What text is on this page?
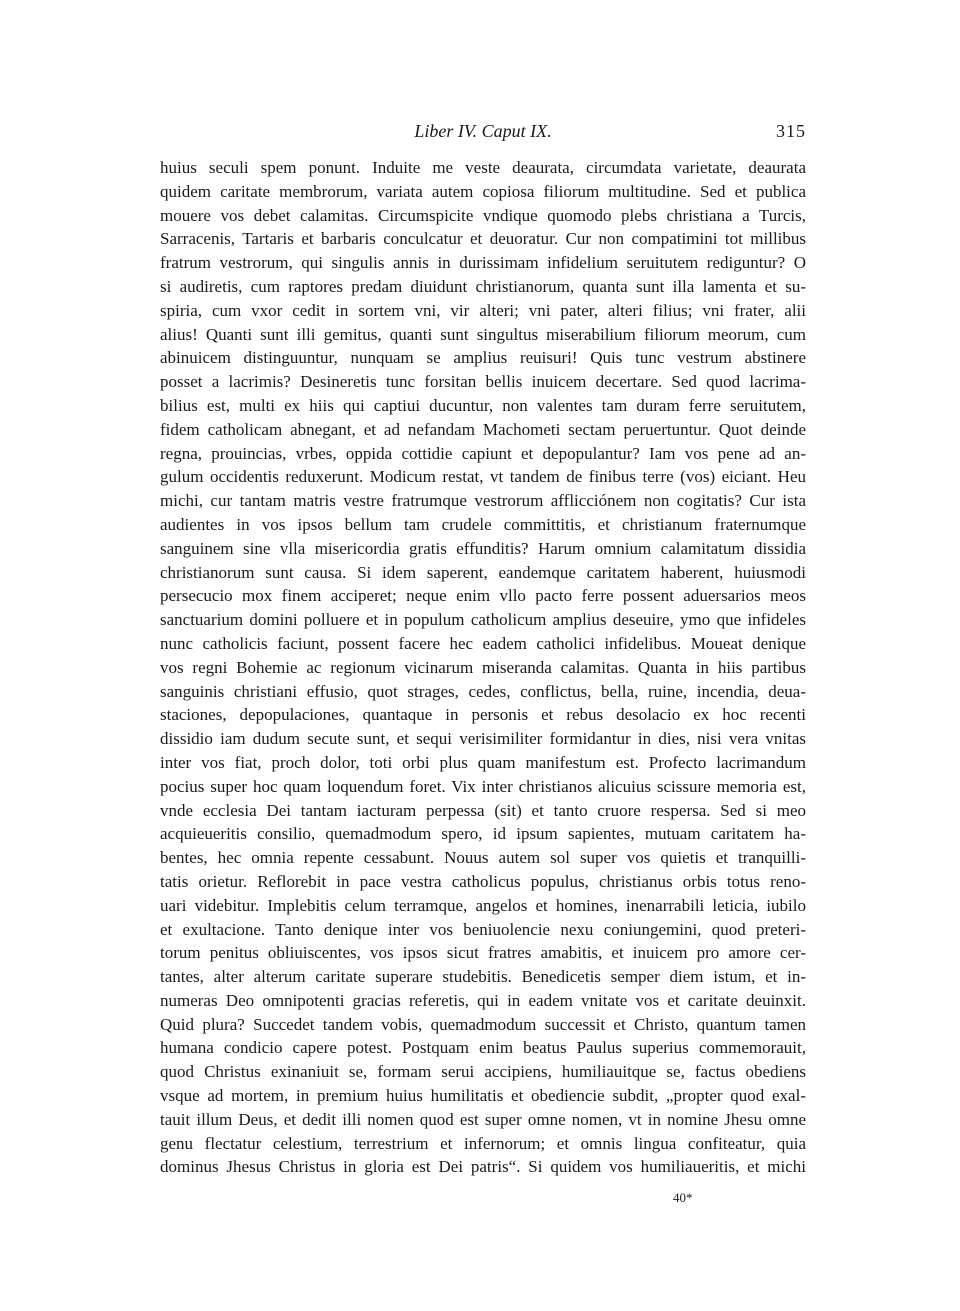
Liber IV. Caput IX.	315
huius seculi spem ponunt. Induite me veste deaurata, circumdata varietate, deaurata
quidem caritate membrorum, variata autem copiosa filiorum multitudine. Sed et publica
mouere vos debet calamitas. Circumspicite vndique quomodo plebs christiana a Turcis,
Sarracenis, Tartaris et barbaris conculcatur et deuoratur. Cur non compatimini tot millibus
fratrum vestrorum, qui singulis annis in durissimam infidelium seruitutem rediguntur? O
si audiretis, cum raptores predam diuidunt christianorum, quanta sunt illa lamenta et su-
spiria, cum vxor cedit in sortem vni, vir alteri; vni pater, alteri filius; vni frater, alii
alius! Quanti sunt illi gemitus, quanti sunt singultus miserabilium filiorum meorum, cum
abinuicem distinguuntur, nunquam se amplius reuisuri! Quis tunc vestrum abstinere
posset a lacrimis? Desineretis tunc forsitan bellis inuicem decertare. Sed quod lacrima-
bilius est, multi ex hiis qui captiui ducuntur, non valentes tam duram ferre seruitutem,
fidem catholicam abnegant, et ad nefandam Machometi sectam peruertuntur. Quot deinde
regna, prouincias, vrbes, oppida cottidie capiunt et depopulantur? Iam vos pene ad an-
gulum occidentis reduxerunt. Modicum restat, vt tandem de finibus terre (vos) eiciant. Heu
michi, cur tantam matris vestre fratrumque vestrorum afflicciónem non cogitatis? Cur ista
audientes in vos ipsos bellum tam crudele committitis, et christianum fraternumque
sanguinem sine vlla misericordia gratis effunditis? Harum omnium calamitatum dissidia
christianorum sunt causa. Si idem saperent, eandemque caritatem haberent, huiusmodi
persecucio mox finem acciperet; neque enim vllo pacto ferre possent aduersarios meos
sanctuarium domini polluere et in populum catholicum amplius deseuire, ymo que infideles
nunc catholicis faciunt, possent facere hec eadem catholici infidelibus. Moueat denique
vos regni Bohemie ac regionum vicinarum miseranda calamitas. Quanta in hiis partibus
sanguinis christiani effusio, quot strages, cedes, conflictus, bella, ruine, incendia, deua-
staciones, depopulaciones, quantaque in personis et rebus desolacio ex hoc recenti
dissidio iam dudum secute sunt, et sequi verisimiliter formidantur in dies, nisi vera vnitas
inter vos fiat, proch dolor, toti orbi plus quam manifestum est. Profecto lacrimandum
pocius super hoc quam loquendum foret. Vix inter christianos alicuius scissure memoria est,
vnde ecclesia Dei tantam iacturam perpessa (sit) et tanto cruore respersa. Sed si meo
acquieueritis consilio, quemadmodum spero, id ipsum sapientes, mutuam caritatem ha-
bentes, hec omnia repente cessabunt. Nouus autem sol super vos quietis et tranquilli-
tatis orietur. Reflorebit in pace vestra catholicus populus, christianus orbis totus reno-
uari videbitur. Implebitis celum terramque, angelos et homines, inenarrabili leticia, iubilo
et exultacione. Tanto denique inter vos beniuolencie nexu coniungemini, quod preteri-
torum penitus obliuiscentes, vos ipsos sicut fratres amabitis, et inuicem pro amore cer-
tantes, alter alterum caritate superare studebitis. Benedicetis semper diem istum, et in-
numeras Deo omnipotenti gracias referetis, qui in eadem vnitate vos et caritate deuinxit.
Quid plura? Succedet tandem vobis, quemadmodum successit et Christo, quantum tamen
humana condicio capere potest. Postquam enim beatus Paulus superius commemorauit,
quod Christus exinaniuit se, formam serui accipiens, humiliauitque se, factus obediens
vsque ad mortem, in premium huius humilitatis et obediencie subdit, „propter quod exal-
tauit illum Deus, et dedit illi nomen quod est super omne nomen, vt in nomine Jhesu omne
genu flectatur celestium, terrestrium et infernorum; et omnis lingua confiteatur, quia
dominus Jhesus Christus in gloria est Dei patris“. Si quidem vos humiliaueritis, et michi
40*
